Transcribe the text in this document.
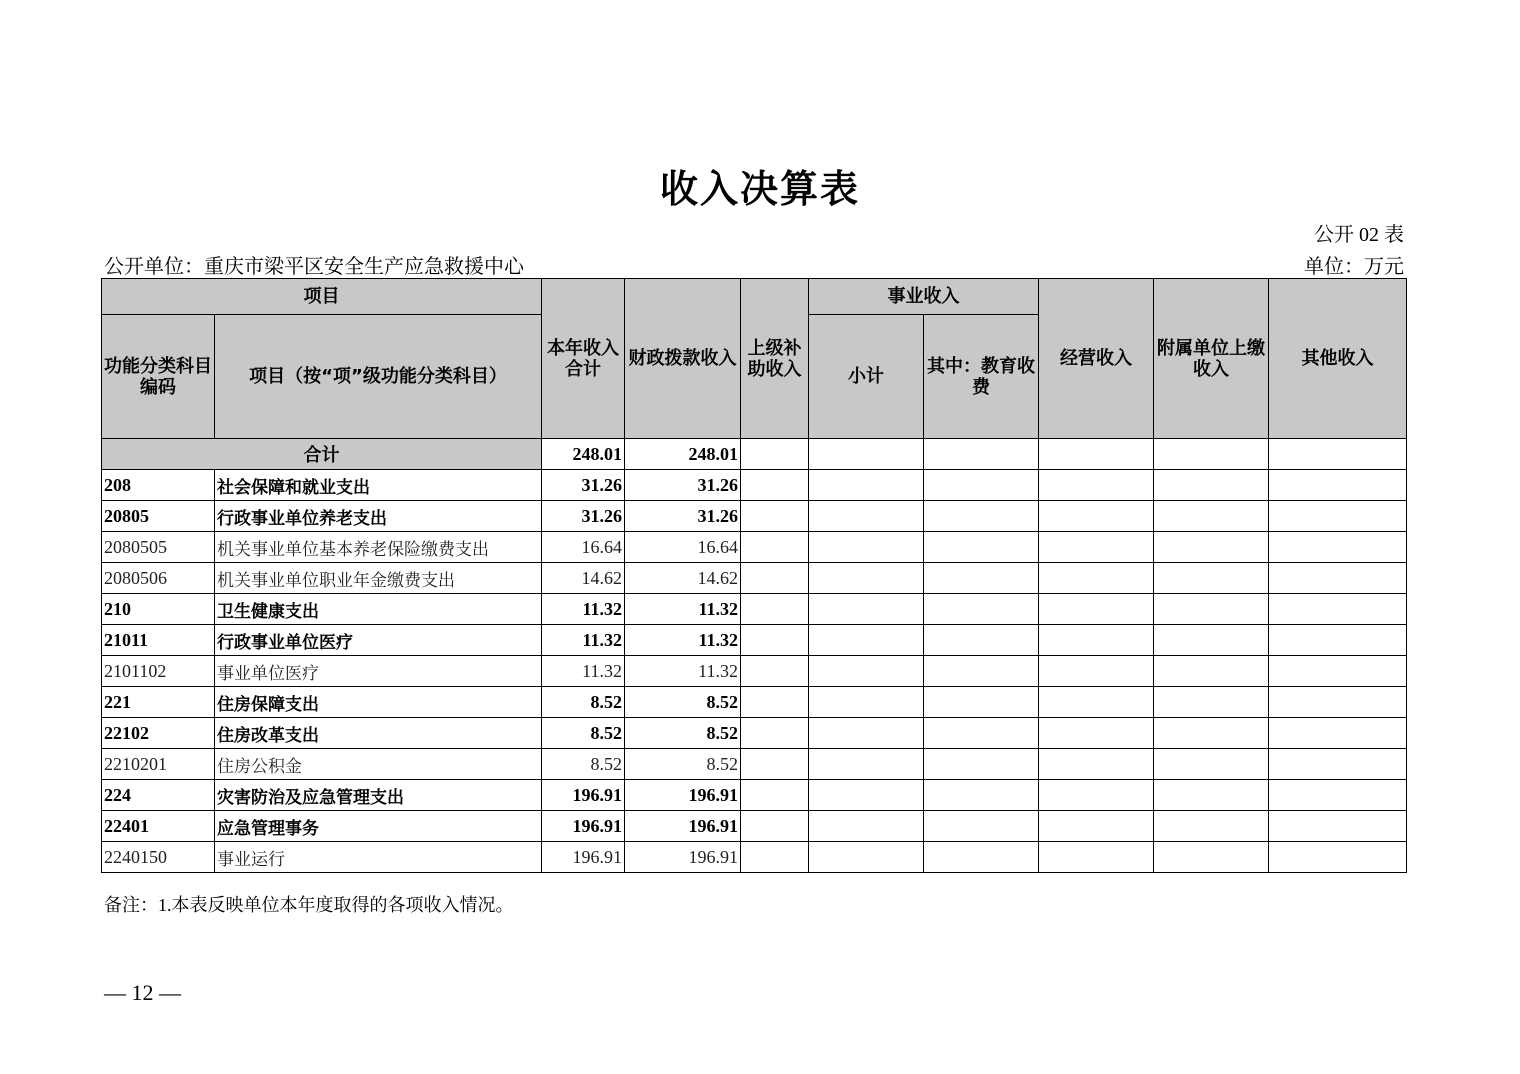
收入决算表
公开 02 表
公开单位：重庆市梁平区安全生产应急救援中心	单位：万元
项目		本年收入合计	财政拨款收入	上级补助收入	事业收入		经营收入	附属单位上缴收入	其他收入
功能分类科目编码	项目（按“项”级功能分类科目）				小计	其中：教育收费			
合计		248.01	248.01						
208	社会保障和就业支出	31.26	31.26						
20805	行政事业单位养老支出	31.26	31.26						
2080505	机关事业单位基本养老保险缴费支出	16.64	16.64						
2080506	机关事业单位职业年金缴费支出	14.62	14.62						
210	卫生健康支出	11.32	11.32						
21011	行政事业单位医疗	11.32	11.32						
2101102	事业单位医疗	11.32	11.32						
221	住房保障支出	8.52	8.52						
22102	住房改革支出	8.52	8.52						
2210201	住房公积金	8.52	8.52						
224	灾害防治及应急管理支出	196.91	196.91						
22401	应急管理事务	196.91	196.91						
2240150	事业运行	196.91	196.91						
备注：1.本表反映单位本年度取得的各项收入情况。
— 12 —
